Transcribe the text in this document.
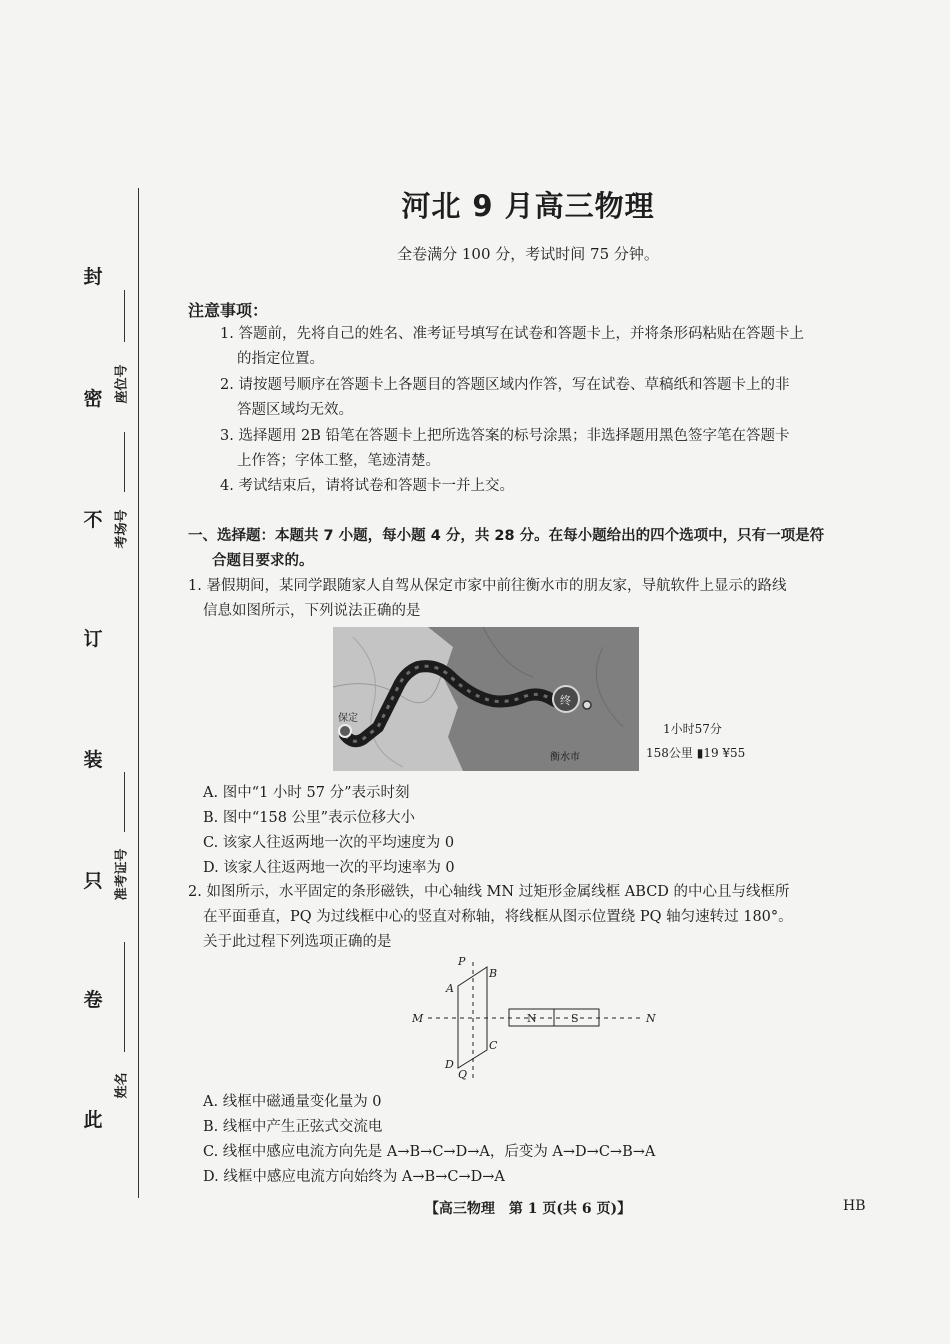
封
密
不
订
装
只
卷
此
座位号
考场号
准考证号
姓名
河北 9 月高三物理
全卷满分 100 分，考试时间 75 分钟。
注意事项：
1. 答题前，先将自己的姓名、准考证号填写在试卷和答题卡上，并将条形码粘贴在答题卡上
的指定位置。
2. 请按题号顺序在答题卡上各题目的答题区域内作答，写在试卷、草稿纸和答题卡上的非
答题区域均无效。
3. 选择题用 2B 铅笔在答题卡上把所选答案的标号涂黑；非选择题用黑色签字笔在答题卡
上作答；字体工整，笔迹清楚。
4. 考试结束后，请将试卷和答题卡一并上交。
一、选择题：本题共 7 小题，每小题 4 分，共 28 分。在每小题给出的四个选项中，只有一项是符
合题目要求的。
1. 暑假期间，某同学跟随家人自驾从保定市家中前往衡水市的朋友家，导航软件上显示的路线
信息如图所示，下列说法正确的是
保定
终
衡水市
1小时57分
158公里 ▮19 ¥55
A. 图中“1 小时 57 分”表示时刻
B. 图中“158 公里”表示位移大小
C. 该家人往返两地一次的平均速度为 0
D. 该家人往返两地一次的平均速率为 0
2. 如图所示，水平固定的条形磁铁，中心轴线 MN 过矩形金属线框 ABCD 的中心且与线框所
在平面垂直，PQ 为过线框中心的竖直对称轴，将线框从图示位置绕 PQ 轴匀速转过 180°。
关于此过程下列选项正确的是
P
B
A
C
D
Q
M	N
N	S
A. 线框中磁通量变化量为 0
B. 线框中产生正弦式交流电
C. 线框中感应电流方向先是 A→B→C→D→A，后变为 A→D→C→B→A
D. 线框中感应电流方向始终为 A→B→C→D→A
【高三物理　第 1 页(共 6 页)】	HB
